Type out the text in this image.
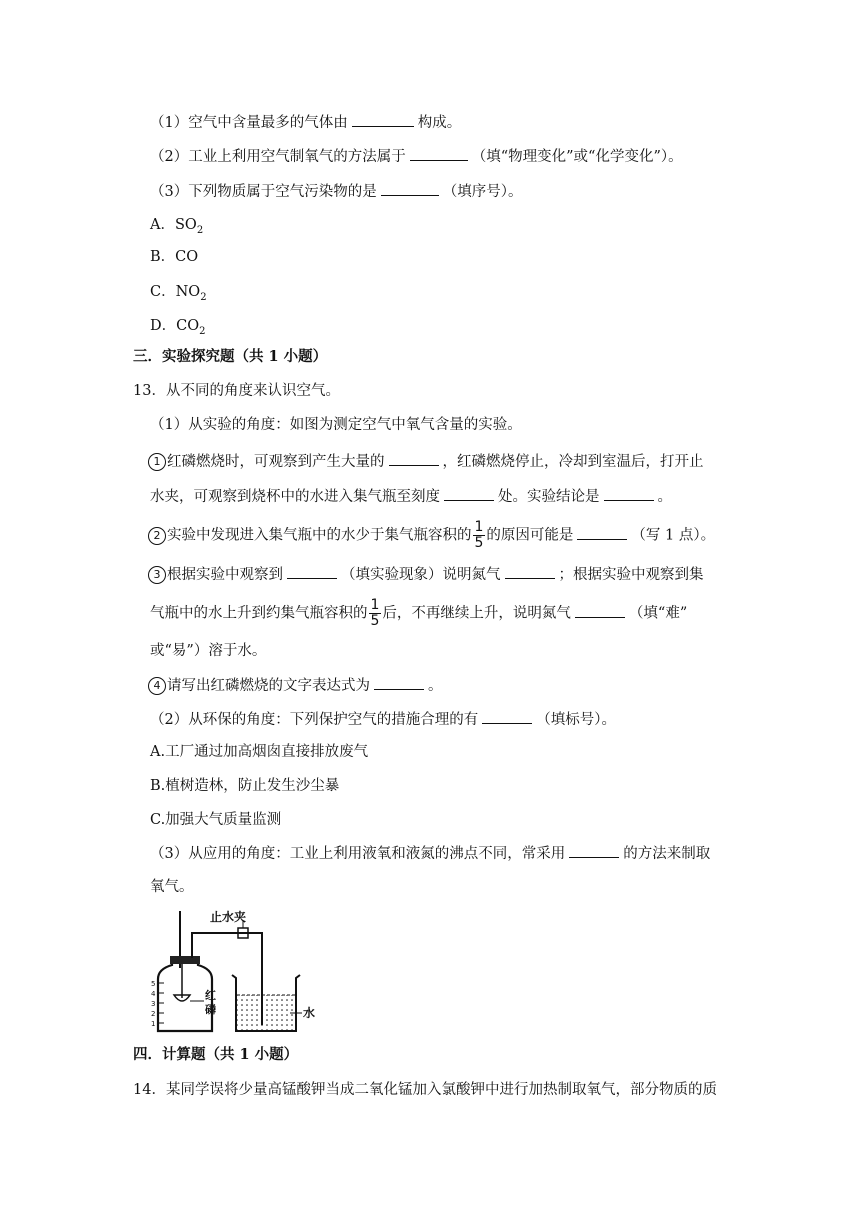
（1）空气中含量最多的气体由	构成。
（2）工业上利用空气制氧气的方法属于	（填“物理变化”或“化学变化”）。
（3）下列物质属于空气污染物的是	（填序号）。
A．$SO_2$
B．CO
C．$NO_2$
D．$CO_2$
三．实验探究题（共 1 小题）
13．从不同的角度来认识空气。
（1）从实验的角度：如图为测定空气中氧气含量的实验。
1 红磷燃烧时，可观察到产生大量的	，红磷燃烧停止，冷却到室温后，打开止
水夹，可观察到烧杯中的水进入集气瓶至刻度	处。实验结论是	。
2 实验中发现进入集气瓶中的水少于集气瓶容积的 $\frac{1}{5}$ 的原因可能是	（写 1 点）。
3 根据实验中观察到	（填实验现象）说明氮气	；根据实验中观察到集
气瓶中的水上升到约集气瓶容积的 $\frac{1}{5}$ 后，不再继续上升，说明氮气	（填“难”
或“易”）溶于水。
4 请写出红磷燃烧的文字表达式为	。
（2）从环保的角度：下列保护空气的措施合理的有	（填标号）。
A.工厂通过加高烟囱直接排放废气
B.植树造林，防止发生沙尘暴
C.加强大气质量监测
（3）从应用的角度：工业上利用液氧和液氮的沸点不同，常采用	的方法来制取
氧气。
5
4
3
2
1
止水夹
红
磷	水
四．计算题（共 1 小题）
14．某同学误将少量高锰酸钾当成二氧化锰加入氯酸钾中进行加热制取氧气，部分物质的质
